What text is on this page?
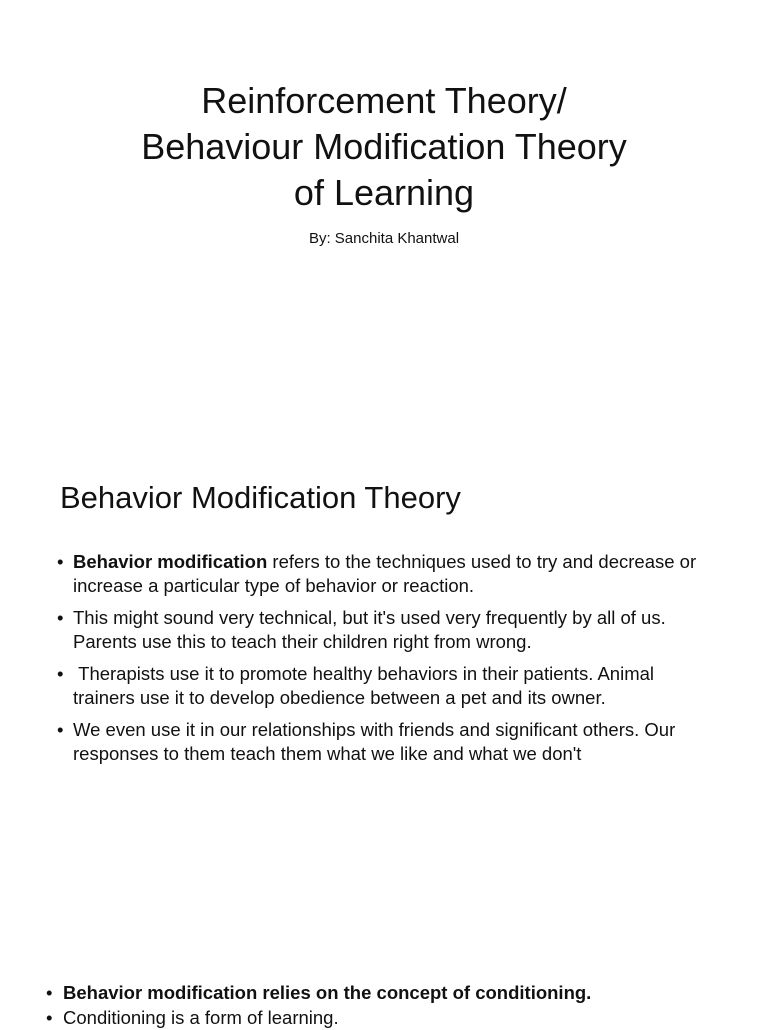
Reinforcement Theory/
Behaviour Modification Theory
of Learning
By: Sanchita Khantwal
Behavior Modification Theory
• Behavior modification refers to the techniques used to try and decrease or increase a particular type of behavior or reaction.
• This might sound very technical, but it's used very frequently by all of us. Parents use this to teach their children right from wrong.
• Therapists use it to promote healthy behaviors in their patients. Animal trainers use it to develop obedience between a pet and its owner.
• We even use it in our relationships with friends and significant others. Our responses to them teach them what we like and what we don't
• Behavior modification relies on the concept of conditioning.
• Conditioning is a form of learning.
